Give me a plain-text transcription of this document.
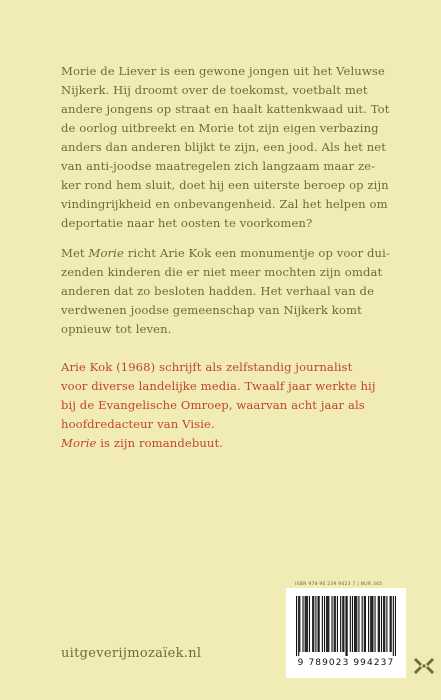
Morie de Liever is een gewone jongen uit het Veluwse
Nijkerk. Hij droomt over de toekomst, voetbalt met
andere jongens op straat en haalt kattenkwaad uit. Tot
de oorlog uitbreekt en Morie tot zijn eigen verbazing
anders dan anderen blijkt te zijn, een jood. Als het net
van anti-joodse maatregelen zich langzaam maar ze-
ker rond hem sluit, doet hij een uiterste beroep op zijn
vindingrijkheid en onbevangenheid. Zal het helpen om
deportatie naar het oosten te voorkomen?

Met Morie richt Arie Kok een monumentje op voor dui-
zenden kinderen die er niet meer mochten zijn omdat
anderen dat zo besloten hadden. Het verhaal van de
verdwenen joodse gemeenschap van Nijkerk komt
opnieuw tot leven.

Arie Kok (1968) schrijft als zelfstandig journalist
voor diverse landelijke media. Twaalf jaar werkte hij
bij de Evangelische Omroep, waarvan acht jaar als
hoofdredacteur van Visie.
Morie is zijn romandebuut.

ISBN 978 90 239 9423 7 | NUR 345
9 789023 994237
uitgeverijmozaïek.nl
